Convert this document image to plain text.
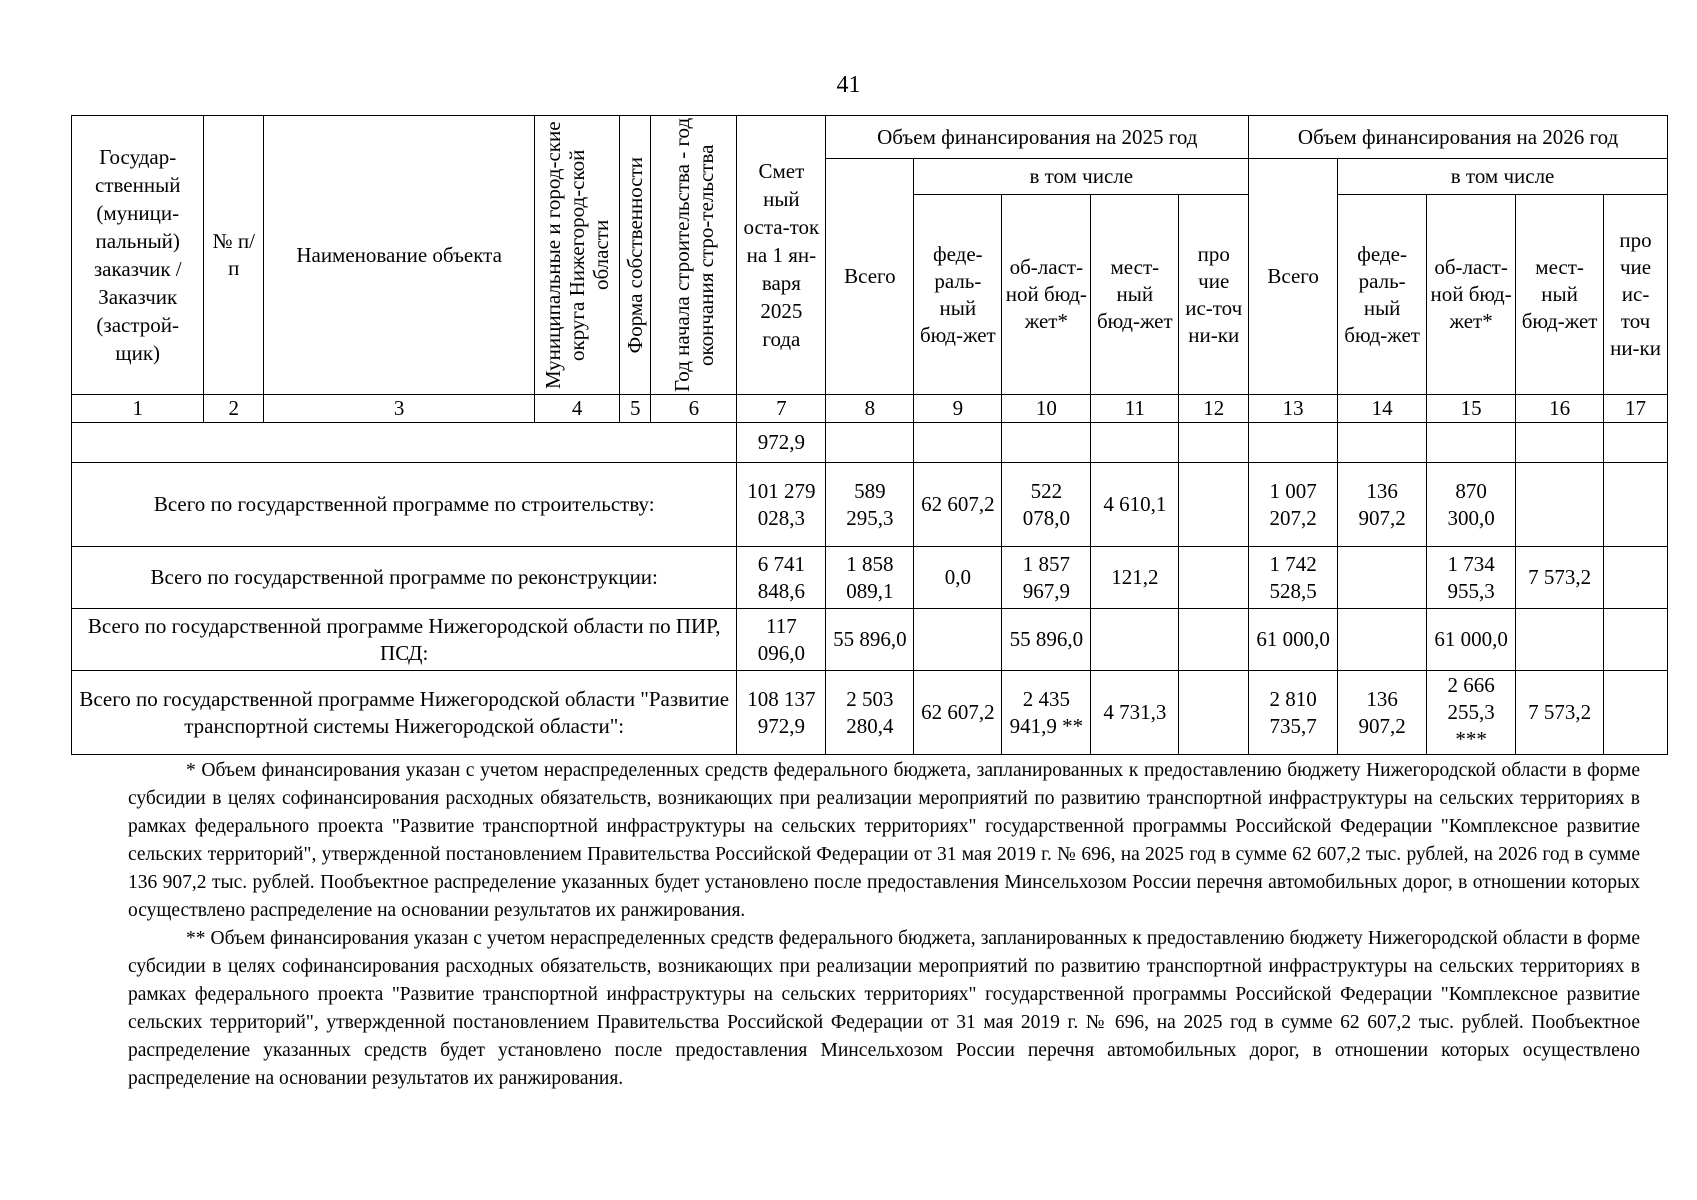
41
Государ-ственный (муници-пальный) заказчик / Заказчик (застрой-щик)	№ п/п	Наименование объекта	Муниципальные и город-ские округа Нижегород-ской области	Форма собственности	Год начала строительства - год окончания стро-тельства	Смет ный оста-ток на 1 ян-варя 2025 года	Объем финансирования на 2025 год					Объем финансирования на 2026 год				
							Всего	в том числе				Всего	в том числе			
								феде-раль-ный бюд-жет	об-ласт-ной бюд-жет*	мест-ный бюд-жет	про чие ис-точ ни-ки		феде-раль-ный бюд-жет	об-ласт-ной бюд-жет*	мест-ный бюд-жет	про чие ис-точ ни-ки
1	2	3	4	5	6	7	8	9	10	11	12	13	14	15	16	17
						972,9										
Всего по государственной программе по строительству:						101 279 028,3	589 295,3	62 607,2	522 078,0	4 610,1		1 007 207,2	136 907,2	870 300,0		
Всего по государственной программе по реконструкции:						6 741 848,6	1 858 089,1	0,0	1 857 967,9	121,2		1 742 528,5		1 734 955,3	7 573,2	
Всего по государственной программе Нижегородской области по ПИР, ПСД:						117 096,0	55 896,0		55 896,0			61 000,0		61 000,0		
Всего по государственной программе Нижегородской области "Развитие транспортной системы Нижегородской области":						108 137 972,9	2 503 280,4	62 607,2	2 435 941,9 **	4 731,3		2 810 735,7	136 907,2	2 666 255,3 ***	7 573,2	

* Объем финансирования указан с учетом нераспределенных средств федерального бюджета, запланированных к предоставлению бюджету Нижегородской области в форме субсидии в целях софинансирования расходных обязательств, возникающих при реализации мероприятий по развитию транспортной инфраструктуры на сельских территориях в рамках федерального проекта "Развитие транспортной инфраструктуры на сельских территориях" государственной программы Российской Федерации "Комплексное развитие сельских территорий", утвержденной постановлением Правительства Российской Федерации от 31 мая 2019 г. № 696, на 2025 год в сумме 62 607,2 тыс. рублей, на 2026 год в сумме 136 907,2 тыс. рублей. Пообъектное распределение указанных будет установлено после предоставления Минсельхозом России перечня автомобильных дорог, в отношении которых осуществлено распределение на основании результатов их ранжирования.

** Объем финансирования указан с учетом нераспределенных средств федерального бюджета, запланированных к предоставлению бюджету Нижегородской области в форме субсидии в целях софинансирования расходных обязательств, возникающих при реализации мероприятий по развитию транспортной инфраструктуры на сельских территориях в рамках федерального проекта "Развитие транспортной инфраструктуры на сельских территориях" государственной программы Российской Федерации "Комплексное развитие сельских территорий", утвержденной постановлением Правительства Российской Федерации от 31 мая 2019 г. № 696, на 2025 год в сумме 62 607,2 тыс. рублей. Пообъектное распределение указанных средств будет установлено после предоставления Минсельхозом России перечня автомобильных дорог, в отношении которых осуществлено распределение на основании результатов их ранжирования.
